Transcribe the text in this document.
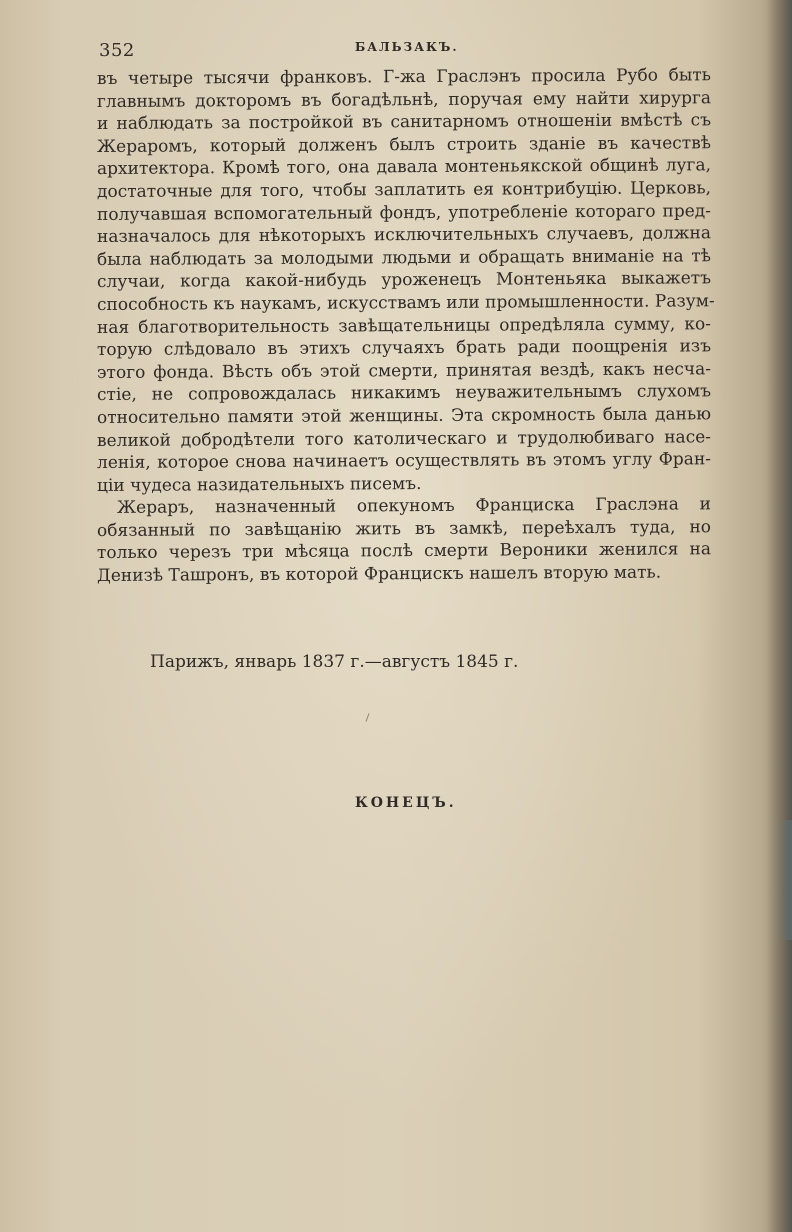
352	БАЛЬЗАКЪ.
въ четыре тысячи франковъ. Г-жа Граслэнъ просила Рубо быть
главнымъ докторомъ въ богадѣльнѣ, поручая ему найти хирурга
и наблюдать за постройкой въ санитарномъ отношеніи вмѣстѣ съ
Жераромъ, который долженъ былъ строить зданіе въ качествѣ
архитектора. Кромѣ того, она давала монтеньякской общинѣ луга,
достаточные для того, чтобы заплатить ея контрибуцію. Церковь,
получавшая вспомогательный фондъ, употребленіе котораго пред-
назначалось для нѣкоторыхъ исключительныхъ случаевъ, должна
была наблюдать за молодыми людьми и обращать вниманіе на тѣ
случаи, когда какой-нибудь уроженецъ Монтеньяка выкажетъ
способность къ наукамъ, искусствамъ или промышленности. Разум-
ная благотворительность завѣщательницы опредѣляла сумму, ко-
торую слѣдовало въ этихъ случаяхъ брать ради поощренія изъ
этого фонда. Вѣсть объ этой смерти, принятая вездѣ, какъ несча-
стіе, не сопровождалась никакимъ неуважительнымъ слухомъ
относительно памяти этой женщины. Эта скромность была данью
великой добродѣтели того католическаго и трудолюбиваго насе-
ленія, которое снова начинаетъ осуществлять въ этомъ углу Фран-
ціи чудеса назидательныхъ писемъ.
Жераръ, назначенный опекуномъ Франциска Граслэна и
обязанный по завѣщанію жить въ замкѣ, переѣхалъ туда, но
только черезъ три мѣсяца послѣ смерти Вероники женился на
Денизѣ Ташронъ, въ которой Францискъ нашелъ вторую мать.
Парижъ, январь 1837 г.—августъ 1845 г.
КОНЕЦЪ.
